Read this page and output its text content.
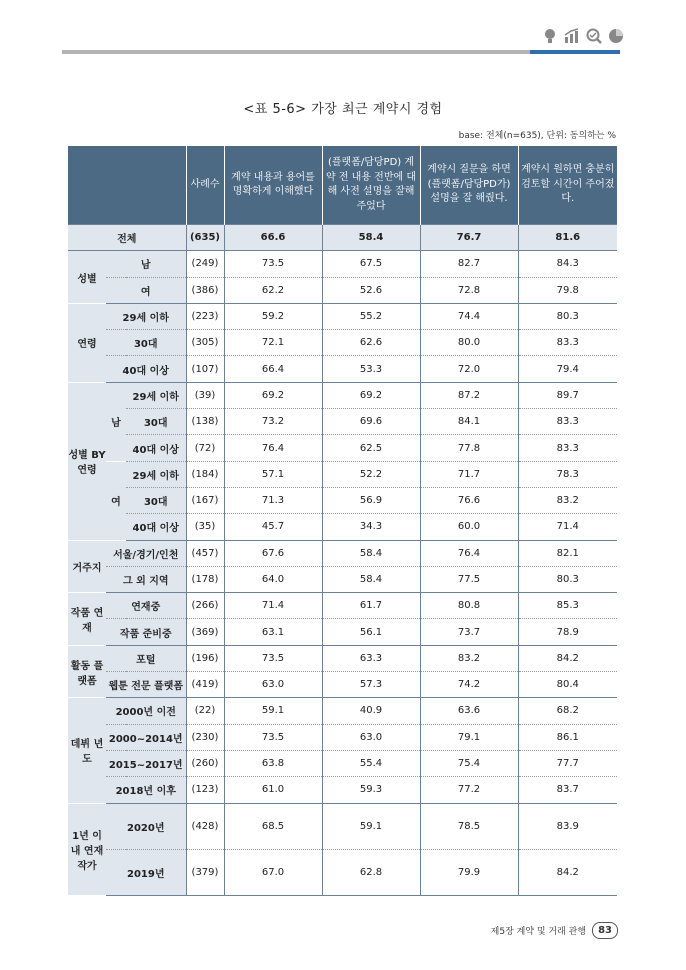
<표 5-6> 가장 최근 계약시 경험
base: 전체(n=635), 단위: 동의하는 %
			사례수	계약 내용과 용어를 명확하게 이해했다	(플랫폼/담당PD) 계약 전 내용 전반에 대해 사전 설명을 잘해주었다	계약시 질문을 하면(플랫폼/담당PD가) 설명을 잘 해줬다.	계약시 원하면 충분히 검토할 시간이 주어졌다.
전체			(635)	66.6	58.4	76.7	81.6
성별	남		(249)	73.5	67.5	82.7	84.3
	여		(386)	62.2	52.6	72.8	79.8
연령	29세 이하		(223)	59.2	55.2	74.4	80.3
	30대		(305)	72.1	62.6	80.0	83.3
	40대 이상		(107)	66.4	53.3	72.0	79.4
성별 BY 연령	남	29세 이하	(39)	69.2	69.2	87.2	89.7
		30대	(138)	73.2	69.6	84.1	83.3
		40대 이상	(72)	76.4	62.5	77.8	83.3
	여	29세 이하	(184)	57.1	52.2	71.7	78.3
		30대	(167)	71.3	56.9	76.6	83.2
		40대 이상	(35)	45.7	34.3	60.0	71.4
거주지	서울/경기/인천		(457)	67.6	58.4	76.4	82.1
	그 외 지역		(178)	64.0	58.4	77.5	80.3
작품 연재	연재중		(266)	71.4	61.7	80.8	85.3
	작품 준비중		(369)	63.1	56.1	73.7	78.9
활동 플랫폼	포털		(196)	73.5	63.3	83.2	84.2
	웹툰 전문 플랫폼		(419)	63.0	57.3	74.2	80.4
데뷔 년도	2000년 이전		(22)	59.1	40.9	63.6	68.2
	2000~2014년		(230)	73.5	63.0	79.1	86.1
	2015~2017년		(260)	63.8	55.4	75.4	77.7
	2018년 이후		(123)	61.0	59.3	77.2	83.7
1년 이내 연재 작가	2020년		(428)	68.5	59.1	78.5	83.9
	2019년		(379)	67.0	62.8	79.9	84.2
제5장 계약 및 거래 관행	83
